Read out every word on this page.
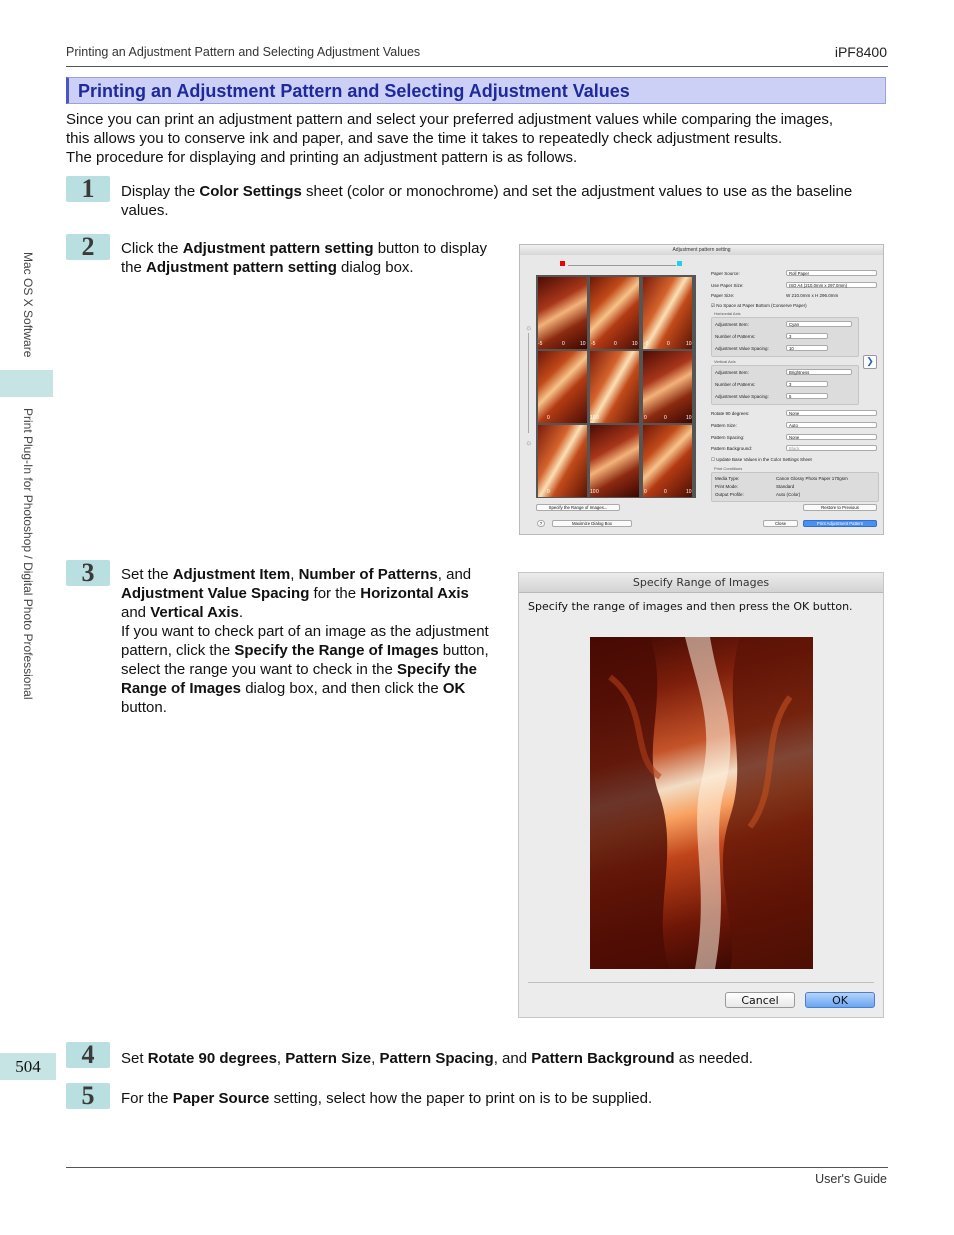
Printing an Adjustment Pattern and Selecting Adjustment Values	iPF8400
Printing an Adjustment Pattern and Selecting Adjustment Values

Since you can print an adjustment pattern and select your preferred adjustment values while comparing the images,

this allows you to conserve ink and paper, and save the time it takes to repeatedly check adjustment results.

The procedure for displaying and printing an adjustment pattern is as follows.

1	Display the Color Settings sheet (color or monochrome) and set the adjustment values to use as the baseline
values.
2	Click the Adjustment pattern setting button to display
the Adjustment pattern setting dialog box.
Adjustment pattern setting
☼
☼
-5	0	10 -5	0	10 -5	0	10
0	10 0	0	0	10
0	10 0	0	0	10
Paper Source:	Roll Paper
Use Paper Size:	ISO A4 (210.0mm x 297.0mm)
Paper Size:	W 210.0mm x H 296.0mm
☑ No Space at Paper Bottom (Conserve Paper)
Horizontal Axis
Adjustment Item:	Cyan
Number of Patterns:	3
Adjustment Value Spacing:	10
❯
Vertical Axis
Adjustment Item:	Brightness
Number of Patterns:	3
Adjustment Value Spacing:	5
Rotate 90 degrees:	None
Pattern Size:	Auto
Pattern Spacing:	None
Pattern Background:	Black
☐ Update Base Values in the Color Settings Sheet
Print Conditions
Media Type:	Canon Glossy Photo Paper 170gsm
Print Mode:	Standard
Output Profile:	Auto (Color)
Specify the Range of Images...	Restore to Previous
?	Maximize Dialog Box	Close	Print Adjustment Pattern
3	Set the Adjustment Item, Number of Patterns, and
Adjustment Value Spacing for the Horizontal Axis
and Vertical Axis.
If you want to check part of an image as the adjustment
pattern, click the Specify the Range of Images button,
select the range you want to check in the Specify the
Range of Images dialog box, and then click the OK
button.
Specify Range of Images
Specify the range of images and then press the OK button.
Cancel	OK
4	Set Rotate 90 degrees, Pattern Size, Pattern Spacing, and Pattern Background as needed.
5	For the Paper Source setting, select how the paper to print on is to be supplied.
Mac OS X Software
Print Plug-In for Photoshop / Digital Photo Professional
504
User's Guide
